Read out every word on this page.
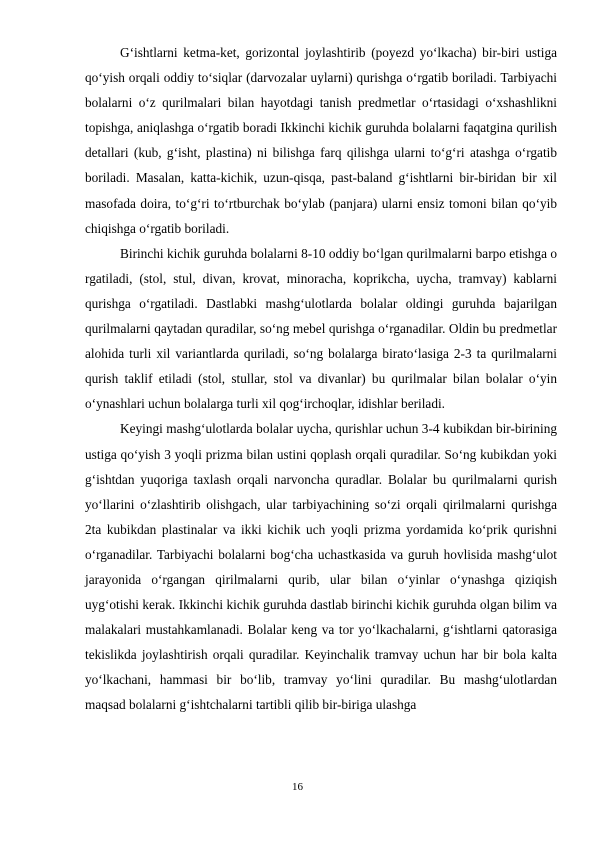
G‘ishtlarni ketma-ket, gorizontal joylashtirib (poyezd yo‘lkacha) bir-biri ustiga qo‘yish orqali oddiy to‘siqlar (darvozalar uylarni) qurishga o‘rgatib boriladi. Tarbiyachi bolalarni o‘z qurilmalari bilan hayotdagi tanish predmetlar o‘rtasidagi o‘xshashlikni topishga, aniqlashga o‘rgatib boradi Ikkinchi kichik guruhda bolalarni faqatgina qurilish detallari (kub, g‘isht, plastina) ni bilishga farq qilishga ularni to‘g‘ri atashga o‘rgatib boriladi. Masalan, katta-kichik, uzun-qisqa, past-baland g‘ishtlarni bir-biridan bir xil masofada doira, to‘g‘ri to‘rtburchak bo‘ylab (panjara) ularni ensiz tomoni bilan qo‘yib chiqishga o‘rgatib boriladi.

Birinchi kichik guruhda bolalarni 8-10 oddiy bo‘lgan qurilmalarni barpo etishga o rgatiladi, (stol, stul, divan, krovat, minoracha, koprikcha, uycha, tramvay) kablarni qurishga o‘rgatiladi. Dastlabki mashg‘ulotlarda bolalar oldingi guruhda bajarilgan qurilmalarni qaytadan quradilar, so‘ng mebel qurishga o‘rganadilar. Oldin bu predmetlar alohida turli xil variantlarda quriladi, so‘ng bolalarga birato‘lasiga 2-3 ta qurilmalarni qurish taklif etiladi (stol, stullar, stol va divanlar) bu qurilmalar bilan bolalar o‘yin o‘ynashlari uchun bolalarga turli xil qog‘irchoqlar, idishlar beriladi.

Keyingi mashg‘ulotlarda bolalar uycha, qurishlar uchun 3-4 kubikdan bir-birining ustiga qo‘yish 3 yoqli prizma bilan ustini qoplash orqali quradilar. So‘ng kubikdan yoki g‘ishtdan yuqoriga taxlash orqali narvoncha quradlar. Bolalar bu qurilmalarni qurish yo‘llarini o‘zlashtirib olishgach, ular tarbiyachining so‘zi orqali qirilmalarni qurishga 2ta kubikdan plastinalar va ikki kichik uch yoqli prizma yordamida ko‘prik qurishni o‘rganadilar. Tarbiyachi bolalarni bog‘cha uchastkasida va guruh hovlisida mashg‘ulot jarayonida o‘rgangan qirilmalarni qurib, ular bilan o‘yinlar o‘ynashga qiziqish uyg‘otishi kerak. Ikkinchi kichik guruhda dastlab birinchi kichik guruhda olgan bilim va malakalari mustahkamlanadi. Bolalar keng va tor yo‘lkachalarni, g‘ishtlarni qatorasiga tekislikda joylashtirish orqali quradilar. Keyinchalik tramvay uchun har bir bola kalta yo‘lkachani, hammasi bir bo‘lib, tramvay yo‘lini quradilar. Bu mashg‘ulotlardan maqsad bolalarni g‘ishtchalarni tartibli qilib bir-biriga ulashga

16
